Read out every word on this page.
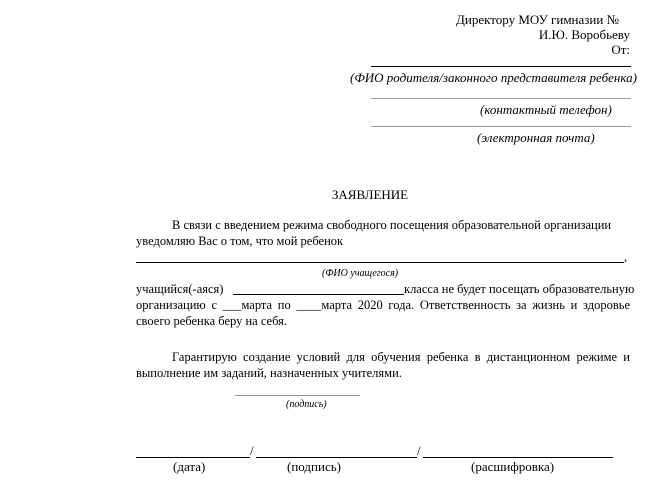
Директору МОУ гимназии №
И.Ю. Воробьеву
От:
(ФИО родителя/законного представителя ребенка)
(контактный телефон)
(электронная почта)
ЗАЯВЛЕНИЕ
В связи с введением режима свободного посещения образовательной организации
уведомляю Вас о том, что мой ребенок
,
(ФИО учащегося)
учащийся(-аяся)	класса не будет посещать образовательную
организацию с ___марта по ____марта 2020 года. Ответственность за жизнь и здоровье
своего ребенка беру на себя.
Гарантирую создание условий для обучения ребенка в дистанционном режиме и
выполнение им заданий, назначенных учителями.
(подпись)
/	/
(дата)	(подпись)	(расшифровка)
